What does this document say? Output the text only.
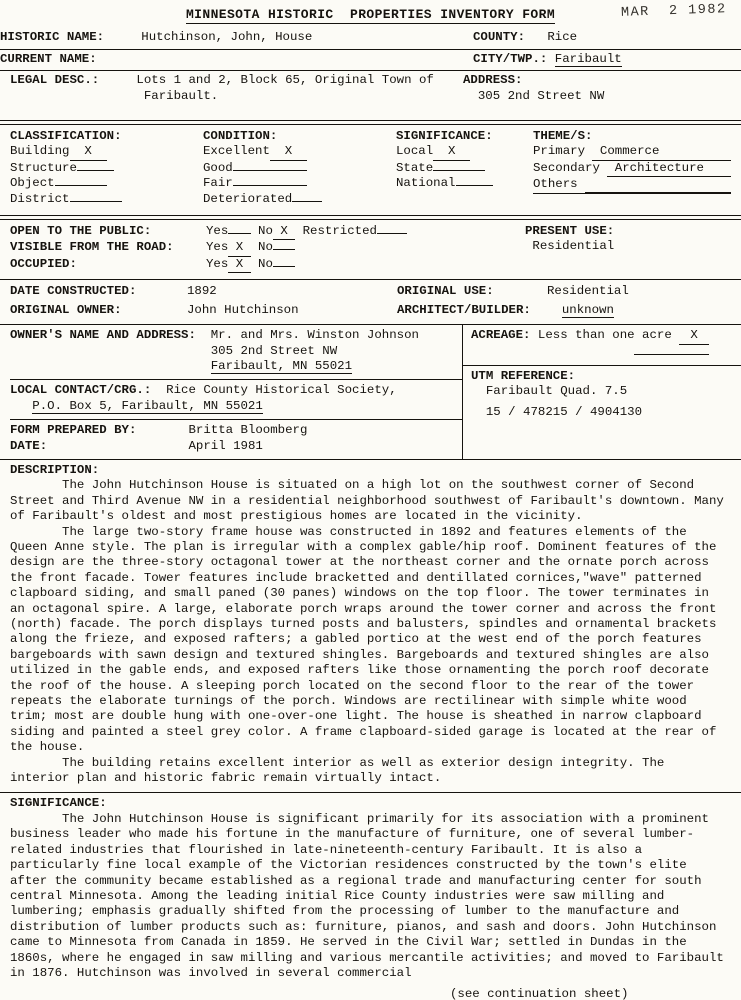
MAR  2 1982
MINNESOTA HISTORIC  PROPERTIES INVENTORY FORM
HISTORIC NAME:	Hutchinson, John, House	COUNTY: Rice
CURRENT NAME:	CITY/TWP.: Faribault
LEGAL DESC.:	Lots 1 and 2, Block 65, Original Town of
Faribault.
ADDRESS:
305 2nd Street NW
CLASSIFICATION:
Building X
Structure
Object
District
CONDITION:
Excellent X
Good
Fair
Deteriorated
SIGNIFICANCE:
Local X
State
National
THEME/S:
Primary	Commerce
Secondary	Architecture
Others
OPEN TO THE PUBLIC:	Yes No X Restricted
VISIBLE FROM THE ROAD:	Yes X No
OCCUPIED:	Yes X No
PRESENT USE:
Residential
DATE CONSTRUCTED:	1892	ORIGINAL USE:	Residential
ORIGINAL OWNER:	John Hutchinson	ARCHITECT/BUILDER:	unknown
OWNER'S NAME AND ADDRESS: Mr. and Mrs. Winston Johnson
305 2nd Street NW
Faribault, MN 55021
LOCAL CONTACT/CRG.: Rice County Historical Society,
P.O. Box 5, Faribault, MN 55021
FORM PREPARED BY:	Britta Bloomberg
DATE:	April 1981
ACREAGE: Less than one acre X
UTM REFERENCE:
Faribault Quad. 7.5
15 / 478215 / 4904130
DESCRIPTION:

The John Hutchinson House is situated on a high lot on the southwest corner of Second Street and Third Avenue NW in a residential neighborhood southwest of Faribault's downtown. Many of Faribault's oldest and most prestigious homes are located in the vicinity.

The large two-story frame house was constructed in 1892 and features elements of the Queen Anne style. The plan is irregular with a complex gable/hip roof. Dominent features of the design are the three-story octagonal tower at the northeast corner and the ornate porch across the front facade. Tower features include bracketted and dentillated cornices,"wave" patterned clapboard siding, and small paned (30 panes) windows on the top floor. The tower terminates in an octagonal spire. A large, elaborate porch wraps around the tower corner and across the front (north) facade. The porch displays turned posts and balusters, spindles and ornamental brackets along the frieze, and exposed rafters; a gabled portico at the west end of the porch features bargeboards with sawn design and textured shingles. Bargeboards and textured shingles are also utilized in the gable ends, and exposed rafters like those ornamenting the porch roof decorate the roof of the house. A sleeping porch located on the second floor to the rear of the tower repeats the elaborate turnings of the porch. Windows are rectilinear with simple white wood trim; most are double hung with one-over-one light. The house is sheathed in narrow clapboard siding and painted a steel grey color. A frame clapboard-sided garage is located at the rear of the house.

The building retains excellent interior as well as exterior design integrity. The interior plan and historic fabric remain virtually intact.

SIGNIFICANCE:

The John Hutchinson House is significant primarily for its association with a prominent business leader who made his fortune in the manufacture of furniture, one of several lumber-related industries that flourished in late-nineteenth-century Faribault. It is also a particularly fine local example of the Victorian residences constructed by the town's elite after the community became established as a regional trade and manufacturing center for south central Minnesota. Among the leading initial Rice County industries were saw milling and lumbering; emphasis gradually shifted from the processing of lumber to the manufacture and distribution of lumber products such as: furniture, pianos, and sash and doors. John Hutchinson came to Minnesota from Canada in 1859. He served in the Civil War; settled in Dundas in the 1860s, where he engaged in saw milling and various mercantile activities; and moved to Faribault in 1876. Hutchinson was involved in several commercial

(see continuation sheet)
